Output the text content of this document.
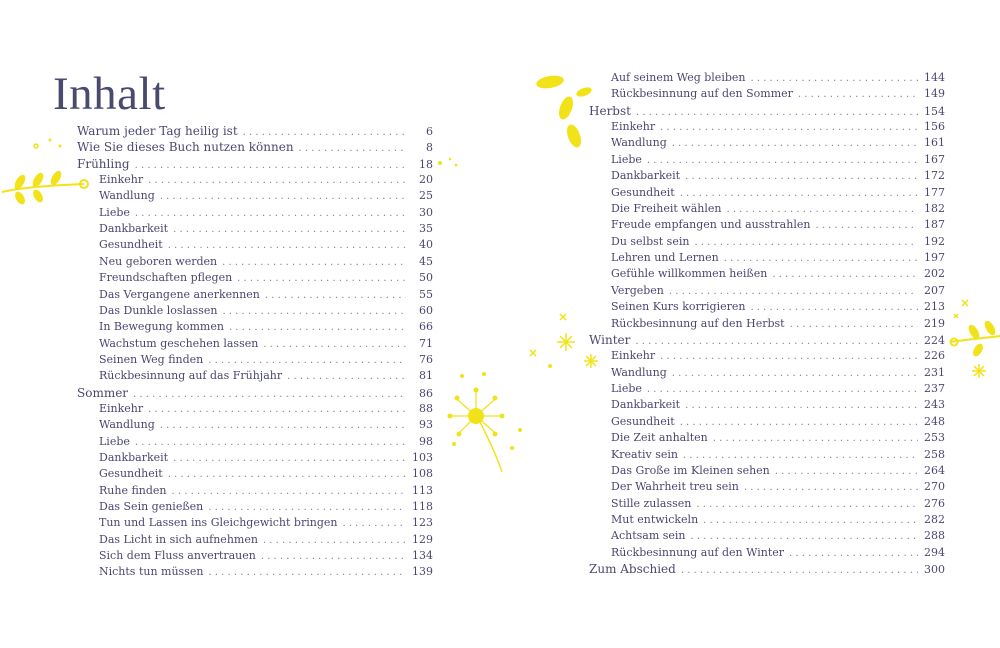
Inhalt
Warum jeder Tag heilig ist . . .	6
Wie Sie dieses Buch nutzen können . . .	8
Frühling . . .	18
Einkehr . . .	20
Wandlung . . .	25
Liebe . . .	30
Dankbarkeit . . .	35
Gesundheit . . .	40
Neu geboren werden . . .	45
Freundschaften pflegen . . .	50
Das Vergangene anerkennen . . .	55
Das Dunkle loslassen . . .	60
In Bewegung kommen . . .	66
Wachstum geschehen lassen . . .	71
Seinen Weg finden . . .	76
Rückbesinnung auf das Frühjahr . . .	81
Sommer . . .	86
Einkehr . . .	88
Wandlung . . .	93
Liebe . . .	98
Dankbarkeit . . .	103
Gesundheit . . .	108
Ruhe finden . . .	113
Das Sein genießen . . .	118
Tun und Lassen ins Gleichgewicht bringen . . .	123
Das Licht in sich aufnehmen . . .	129
Sich dem Fluss anvertrauen . . .	134
Nichts tun müssen . . .	139
Auf seinem Weg bleiben . . .	144
Rückbesinnung auf den Sommer . . .	149
Herbst . . .	154
Einkehr . . .	156
Wandlung . . .	161
Liebe . . .	167
Dankbarkeit . . .	172
Gesundheit . . .	177
Die Freiheit wählen . . .	182
Freude empfangen und ausstrahlen . . .	187
Du selbst sein . . .	192
Lehren und Lernen . . .	197
Gefühle willkommen heißen . . .	202
Vergeben . . .	207
Seinen Kurs korrigieren . . .	213
Rückbesinnung auf den Herbst . . .	219
Winter . . .	224
Einkehr . . .	226
Wandlung . . .	231
Liebe . . .	237
Dankbarkeit . . .	243
Gesundheit . . .	248
Die Zeit anhalten . . .	253
Kreativ sein . . .	258
Das Große im Kleinen sehen . . .	264
Der Wahrheit treu sein . . .	270
Stille zulassen . . .	276
Mut entwickeln . . .	282
Achtsam sein . . .	288
Rückbesinnung auf den Winter . . .	294
Zum Abschied . . .	300
